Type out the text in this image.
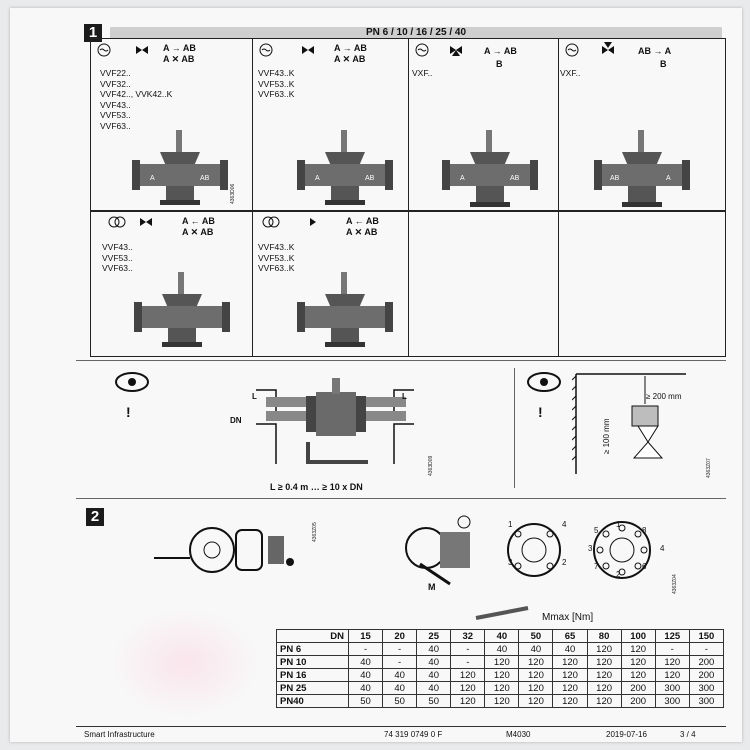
1	PN 6 / 10 / 16 / 25 / 40
A → AB
A ✕ AB
VVF22..
VVF32..
VVF42.., VVK42..K
VVF43..
VVF53..
VVF63..
A → AB
A ✕ AB
VVF43..K
VVF53..K
VVF63..K
A → AB
B
VXF..
AB → A
B
VXF..
A	AB	A	AB	A	AB	AB	A
A ← AB
A ✕ AB
VVF43..
VVF53..
VVF63..
A ← AB
A ✕ AB
VVF43..K
VVF53..K
VVF63..K
!
L	L
DN
L ≥ 0.4 m … ≥ 10 x DN
!
≥ 200 mm
≥ 100 mm
2
M
1
2
3
4	1
2
3	4
5
6
7
8
Mmax [Nm]
DN	15	20	25	32	40	50	65	80	100	125	150
PN 6	-	-	40	-	40	40	40	120	120	-	-
PN 10	40	-	40	-	120	120	120	120	120	120	200
PN 16	40	40	40	120	120	120	120	120	120	120	200
PN 25	40	40	40	120	120	120	120	120	200	300	300
PN40	50	50	50	120	120	120	120	120	200	300	300
4363D06
4363D09	4363Z07
4363Z05
4363Z04
Smart Infrastructure	74 319 0749 0 F	M4030	2019-07-16	3 / 4
